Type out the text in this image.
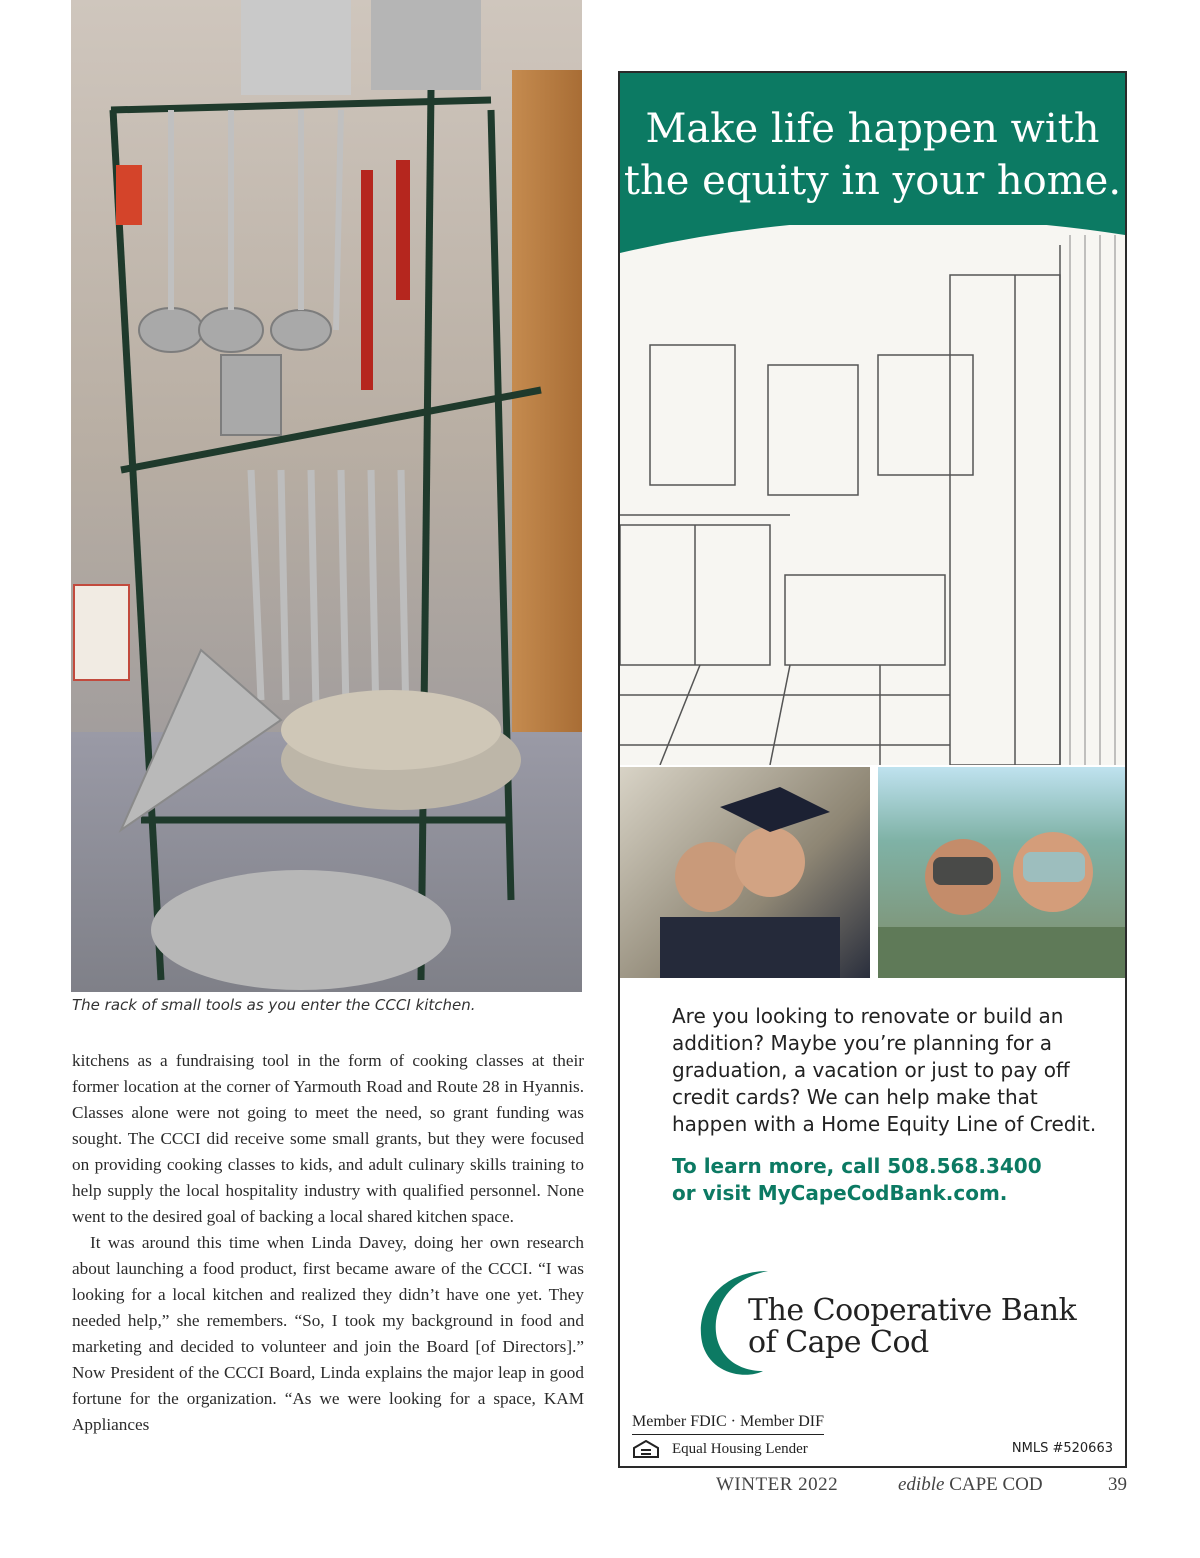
The rack of small tools as you enter the CCCI kitchen.

kitchens as a fundraising tool in the form of cooking classes at their former location at the corner of Yarmouth Road and Route 28 in Hyannis. Classes alone were not going to meet the need, so grant funding was sought. The CCCI did receive some small grants, but they were focused on providing cooking classes to kids, and adult culinary skills training to help supply the local hospitality industry with qualified personnel. None went to the desired goal of backing a local shared kitchen space.

It was around this time when Linda Davey, doing her own research about launching a food product, first became aware of the CCCI. “I was looking for a local kitchen and realized they didn’t have one yet. They needed help,” she remembers. “So, I took my background in food and marketing and decided to volunteer and join the Board [of Directors].” Now President of the CCCI Board, Linda explains the major leap in good fortune for the organization. “As we were looking for a space, KAM Appliances

Make life happen with
the equity in your home.
Are you looking to renovate or build an addition? Maybe you’re planning for a graduation, a vacation or just to pay off credit cards? We can help make that happen with a Home Equity Line of Credit.
To learn more, call 508.568.3400
or visit MyCapeCodBank.com.
The Cooperative Bank
of Cape Cod
Member FDIC · Member DIF
Equal Housing Lender	NMLS #520663
WINTER 2022	edible CAPE COD	39
